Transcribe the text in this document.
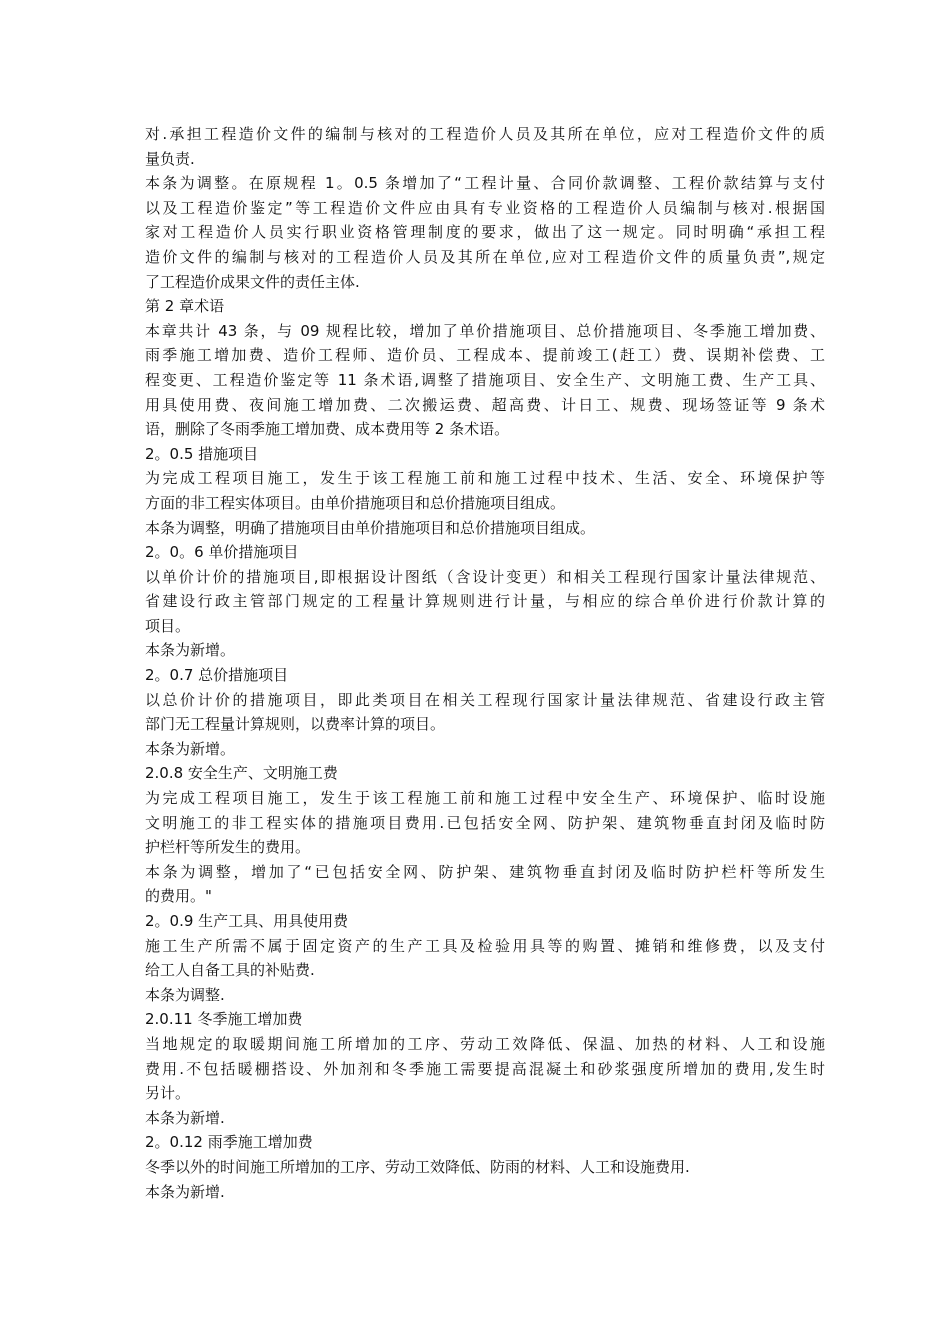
对.承担工程造价文件的编制与核对的工程造价人员及其所在单位，应对工程造价文件的质
量负责.
本条为调整。在原规程 1。0.5 条增加了“工程计量、合同价款调整、工程价款结算与支付
以及工程造价鉴定”等工程造价文件应由具有专业资格的工程造价人员编制与核对.根据国
家对工程造价人员实行职业资格管理制度的要求，做出了这一规定。同时明确“承担工程
造价文件的编制与核对的工程造价人员及其所在单位,应对工程造价文件的质量负责”,规定
了工程造价成果文件的责任主体.
第 2 章术语
本章共计 43 条，与 09 规程比较，增加了单价措施项目、总价措施项目、冬季施工增加费、
雨季施工增加费、造价工程师、造价员、工程成本、提前竣工(赶工）费、误期补偿费、工
程变更、工程造价鉴定等 11 条术语,调整了措施项目、安全生产、文明施工费、生产工具、
用具使用费、夜间施工增加费、二次搬运费、超高费、计日工、规费、现场签证等 9 条术
语，删除了冬雨季施工增加费、成本费用等 2 条术语。
2。0.5 措施项目
为完成工程项目施工，发生于该工程施工前和施工过程中技术、生活、安全、环境保护等
方面的非工程实体项目。由单价措施项目和总价措施项目组成。
本条为调整，明确了措施项目由单价措施项目和总价措施项目组成。
2。0。6 单价措施项目
以单价计价的措施项目,即根据设计图纸（含设计变更）和相关工程现行国家计量法律规范、
省建设行政主管部门规定的工程量计算规则进行计量，与相应的综合单价进行价款计算的
项目。
本条为新增。
2。0.7 总价措施项目
以总价计价的措施项目，即此类项目在相关工程现行国家计量法律规范、省建设行政主管
部门无工程量计算规则，以费率计算的项目。
本条为新增。
2.0.8 安全生产、文明施工费
为完成工程项目施工，发生于该工程施工前和施工过程中安全生产、环境保护、临时设施
文明施工的非工程实体的措施项目费用.已包括安全网、防护架、建筑物垂直封闭及临时防
护栏杆等所发生的费用。
本条为调整，增加了“已包括安全网、防护架、建筑物垂直封闭及临时防护栏杆等所发生
的费用。"
2。0.9 生产工具、用具使用费
施工生产所需不属于固定资产的生产工具及检验用具等的购置、摊销和维修费，以及支付
给工人自备工具的补贴费.
本条为调整.
2.0.11 冬季施工增加费
当地规定的取暖期间施工所增加的工序、劳动工效降低、保温、加热的材料、人工和设施
费用.不包括暖棚搭设、外加剂和冬季施工需要提高混凝土和砂浆强度所增加的费用,发生时
另计。
本条为新增.
2。0.12 雨季施工增加费
冬季以外的时间施工所增加的工序、劳动工效降低、防雨的材料、人工和设施费用.
本条为新增.
